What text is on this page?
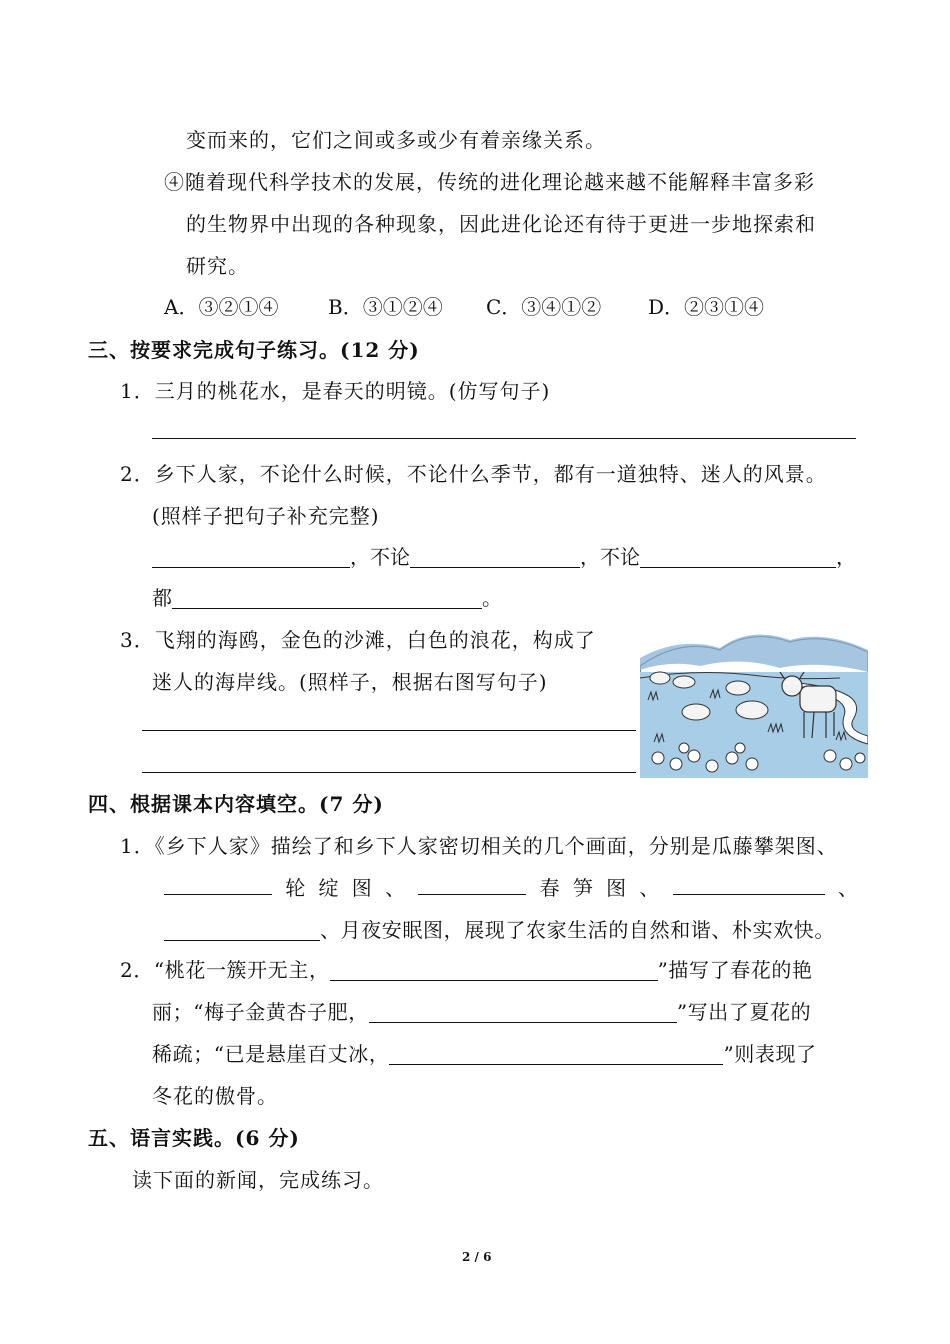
变而来的，它们之间或多或少有着亲缘关系。
④随着现代科学技术的发展，传统的进化理论越来越不能解释丰富多彩
的生物界中出现的各种现象，因此进化论还有待于更进一步地探索和
研究。
A．③②①④ B．③①②④ C．③④①② D．②③①④
三、按要求完成句子练习。(12 分)
1．三月的桃花水，是春天的明镜。(仿写句子)
2．乡下人家，不论什么时候，不论什么季节，都有一道独特、迷人的风景。
(照样子把句子补充完整)
，不论	，不论	，
都	。
3．飞翔的海鸥，金色的沙滩，白色的浪花，构成了
迷人的海岸线。(照样子，根据右图写句子)
四、根据课本内容填空。(7 分)
1．《乡下人家》描绘了和乡下人家密切相关的几个画面，分别是瓜藤攀架图、
轮 绽 图 、	春 笋 图 、	、
、月夜安眠图，展现了农家生活的自然和谐、朴实欢快。
2．“桃花一簇开无主，	”描写了春花的艳
丽；“梅子金黄杏子肥，	”写出了夏花的
稀疏；“已是悬崖百丈冰，	”则表现了
冬花的傲骨。
五、语言实践。(6 分)
读下面的新闻，完成练习。
2 / 6
